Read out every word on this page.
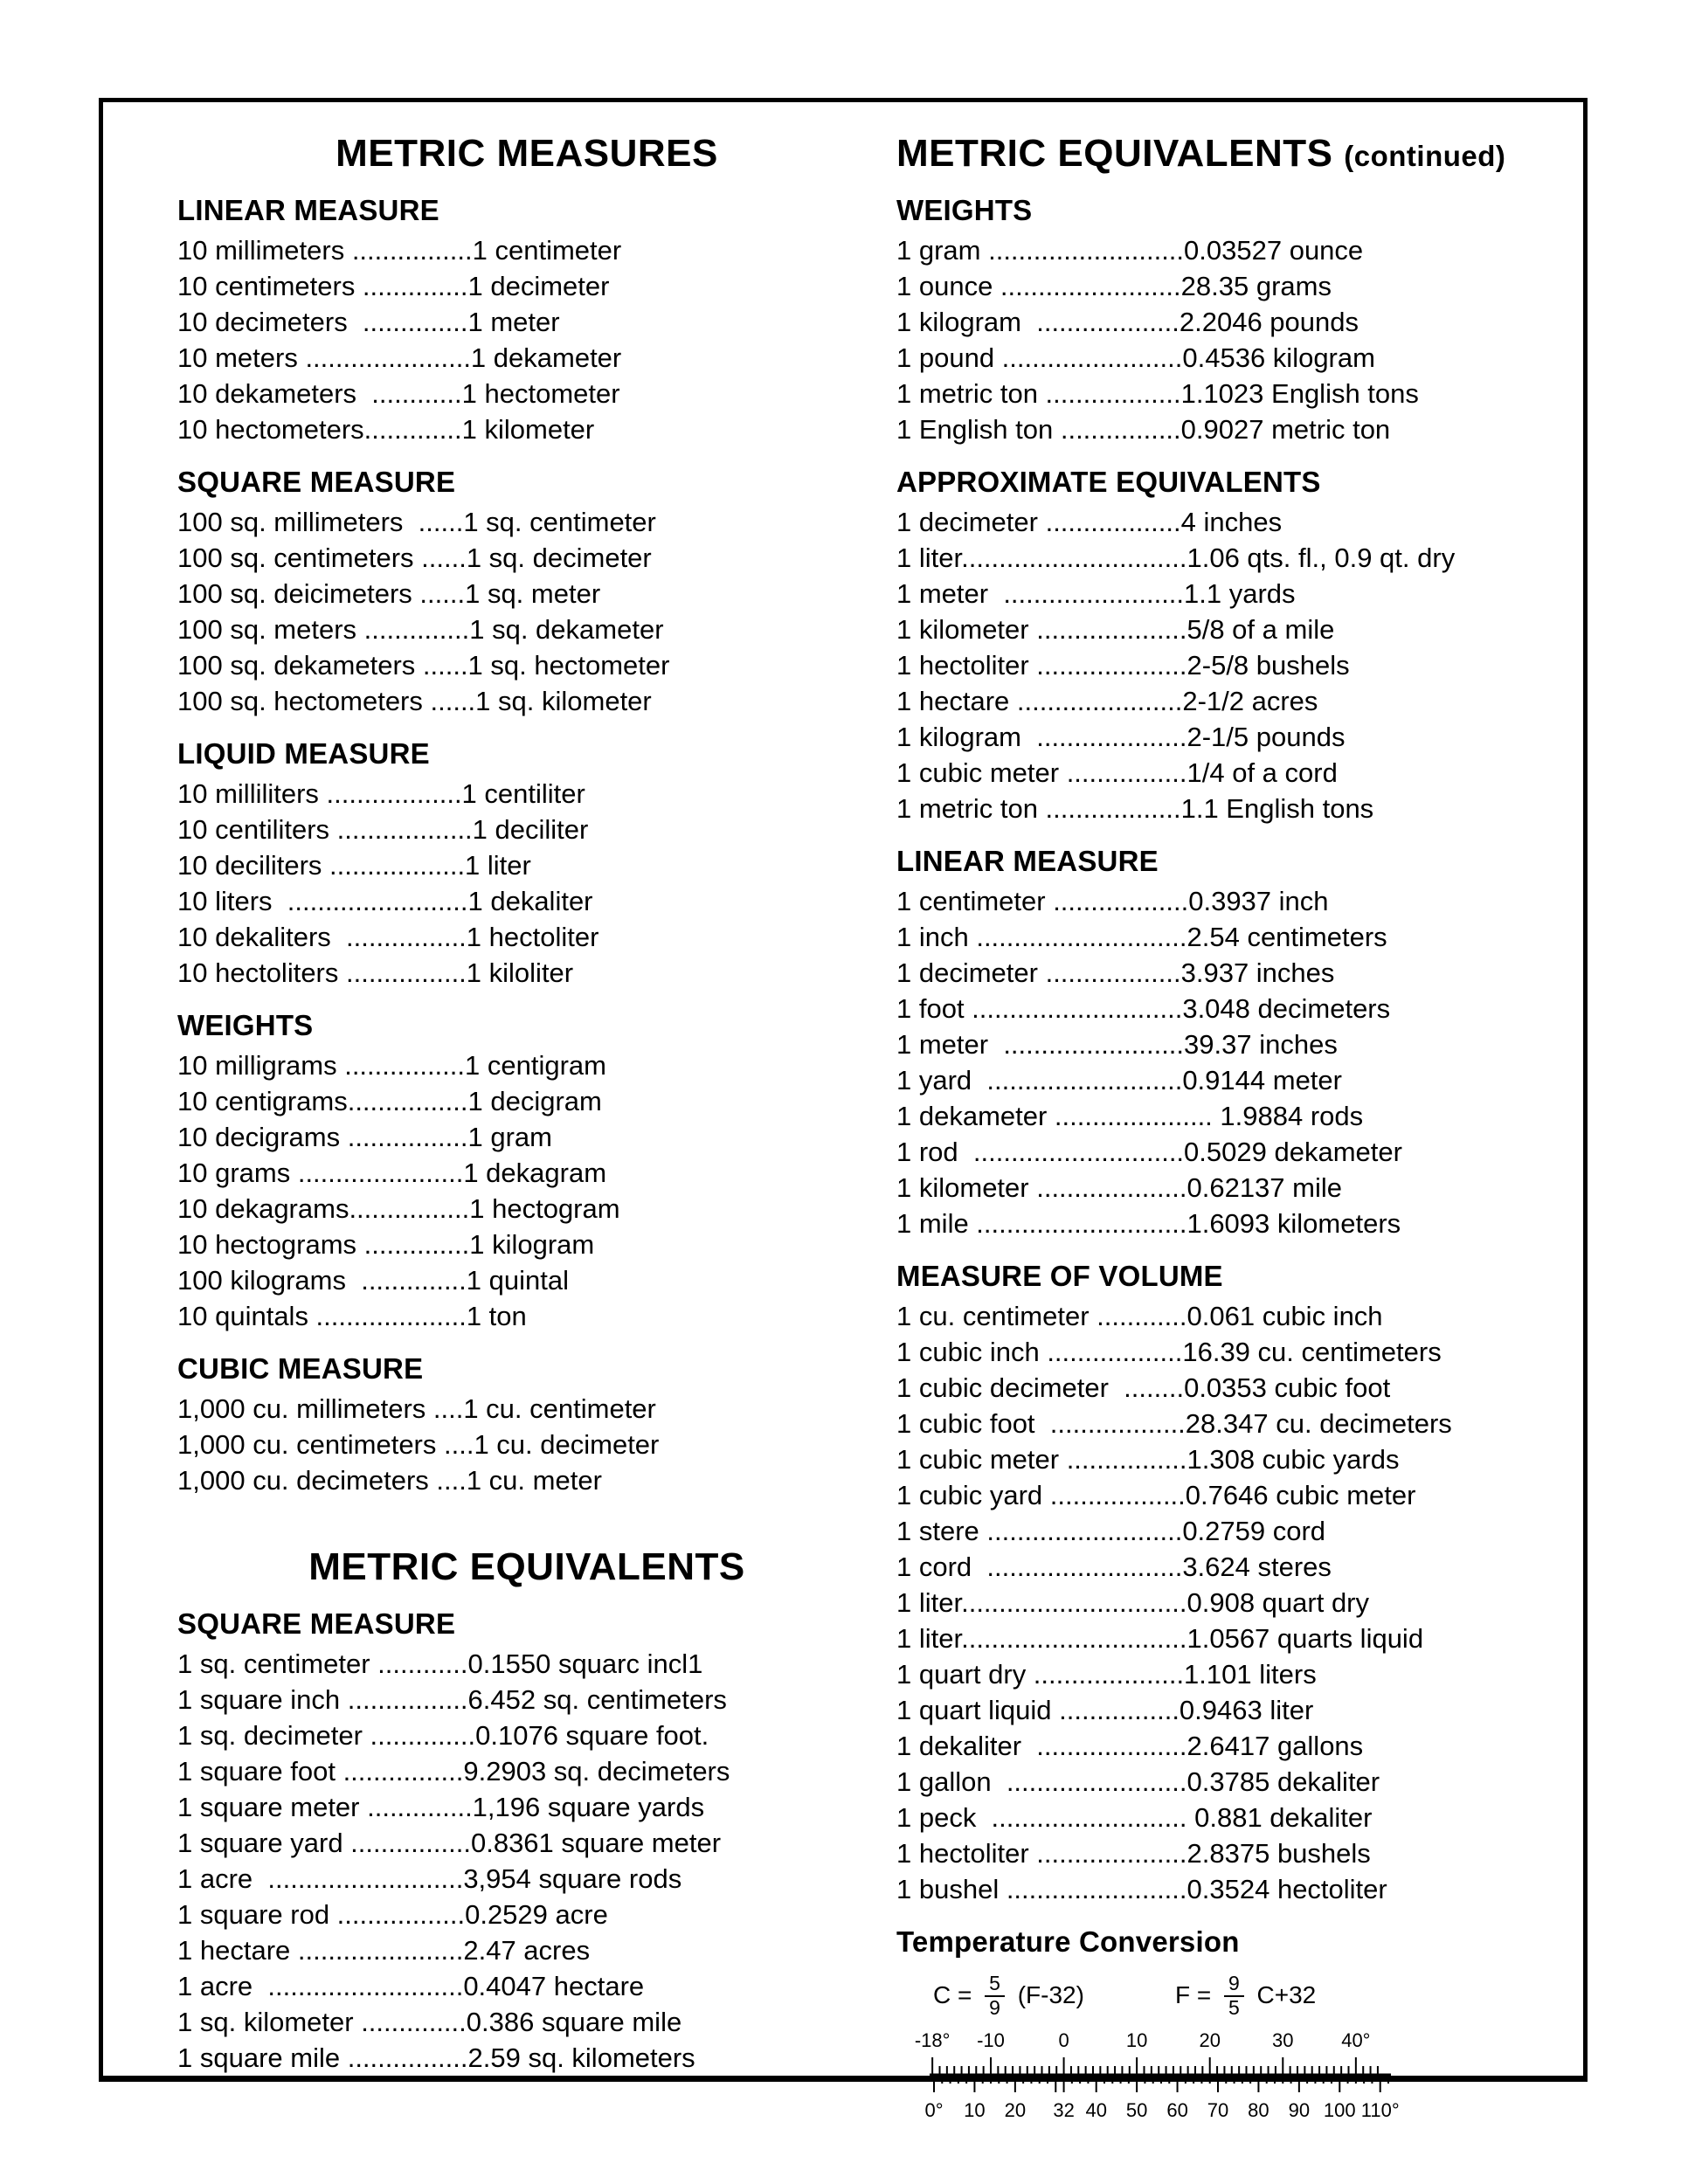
METRIC MEASURES
LINEAR MEASURE
10 millimeters ................1 centimeter
10 centimeters ..............1 decimeter
10 decimeters  ..............1 meter
10 meters ......................1 dekameter
10 dekameters  ............1 hectometer
10 hectometers.............1 kilometer
SQUARE MEASURE
100 sq. millimeters  ......1 sq. centimeter
100 sq. centimeters ......1 sq. decimeter
100 sq. deicimeters ......1 sq. meter
100 sq. meters ..............1 sq. dekameter
100 sq. dekameters ......1 sq. hectometer
100 sq. hectometers ......1 sq. kilometer
LIQUID MEASURE
10 milliliters ..................1 centiliter
10 centiliters ..................1 deciliter
10 deciliters ..................1 liter
10 liters  ........................1 dekaliter
10 dekaliters  ................1 hectoliter
10 hectoliters ................1 kiloliter
WEIGHTS
10 milligrams ................1 centigram
10 centigrams................1 decigram
10 decigrams ................1 gram
10 grams ......................1 dekagram
10 dekagrams................1 hectogram
10 hectograms ..............1 kilogram
100 kilograms  ..............1 quintal
10 quintals ....................1 ton
CUBIC MEASURE
1,000 cu. millimeters ....1 cu. centimeter
1,000 cu. centimeters ....1 cu. decimeter
1,000 cu. decimeters ....1 cu. meter
METRIC EQUIVALENTS
SQUARE MEASURE
1 sq. centimeter ............0.1550 squarc incl1
1 square inch ................6.452 sq. centimeters
1 sq. decimeter ..............0.1076 square foot.
1 square foot ................9.2903 sq. decimeters
1 square meter ..............1,196 square yards
1 square yard ................0.8361 square meter
1 acre  ..........................3,954 square rods
1 square rod .................0.2529 acre
1 hectare ......................2.47 acres
1 acre  ..........................0.4047 hectare
1 sq. kilometer ..............0.386 square mile
1 square mile ................2.59 sq. kilometers
METRIC EQUIVALENTS (continued)
WEIGHTS
1 gram ..........................0.03527 ounce
1 ounce ........................28.35 grams
1 kilogram  ...................2.2046 pounds
1 pound ........................0.4536 kilogram
1 metric ton ..................1.1023 English tons
1 English ton ................0.9027 metric ton
APPROXIMATE EQUIVALENTS
1 decimeter ..................4 inches
1 liter..............................1.06 qts. fl., 0.9 qt. dry
1 meter  ........................1.1 yards
1 kilometer ....................5/8 of a mile
1 hectoliter ....................2-5/8 bushels
1 hectare ......................2-1/2 acres
1 kilogram  ....................2-1/5 pounds
1 cubic meter ................1/4 of a cord
1 metric ton ..................1.1 English tons
LINEAR MEASURE
1 centimeter ..................0.3937 inch
1 inch ............................2.54 centimeters
1 decimeter ..................3.937 inches
1 foot ............................3.048 decimeters
1 meter  ........................39.37 inches
1 yard  ..........................0.9144 meter
1 dekameter ..................... 1.9884 rods
1 rod  ............................0.5029 dekameter
1 kilometer ....................0.62137 mile
1 mile ............................1.6093 kilometers
MEASURE OF VOLUME
1 cu. centimeter ............0.061 cubic inch
1 cubic inch ..................16.39 cu. centimeters
1 cubic decimeter  ........0.0353 cubic foot
1 cubic foot  ..................28.347 cu. decimeters
1 cubic meter ................1.308 cubic yards
1 cubic yard ..................0.7646 cubic meter
1 stere ..........................0.2759 cord
1 cord  ..........................3.624 steres
1 liter..............................0.908 quart dry
1 liter..............................1.0567 quarts liquid
1 quart dry ....................1.101 liters
1 quart liquid ................0.9463 liter
1 dekaliter  ....................2.6417 gallons
1 gallon  ........................0.3785 dekaliter
1 peck  .......................... 0.881 dekaliter
1 hectoliter ....................2.8375 bushels
1 bushel ........................0.3524 hectoliter
Temperature Conversion
$C = \frac{5}{9} (F-32)$	$F = \frac{9}{5} C+32$
-18° -10	0	10	20	30 40°
0° 10 20 32 40 50 60 70 80 90 100 110°
